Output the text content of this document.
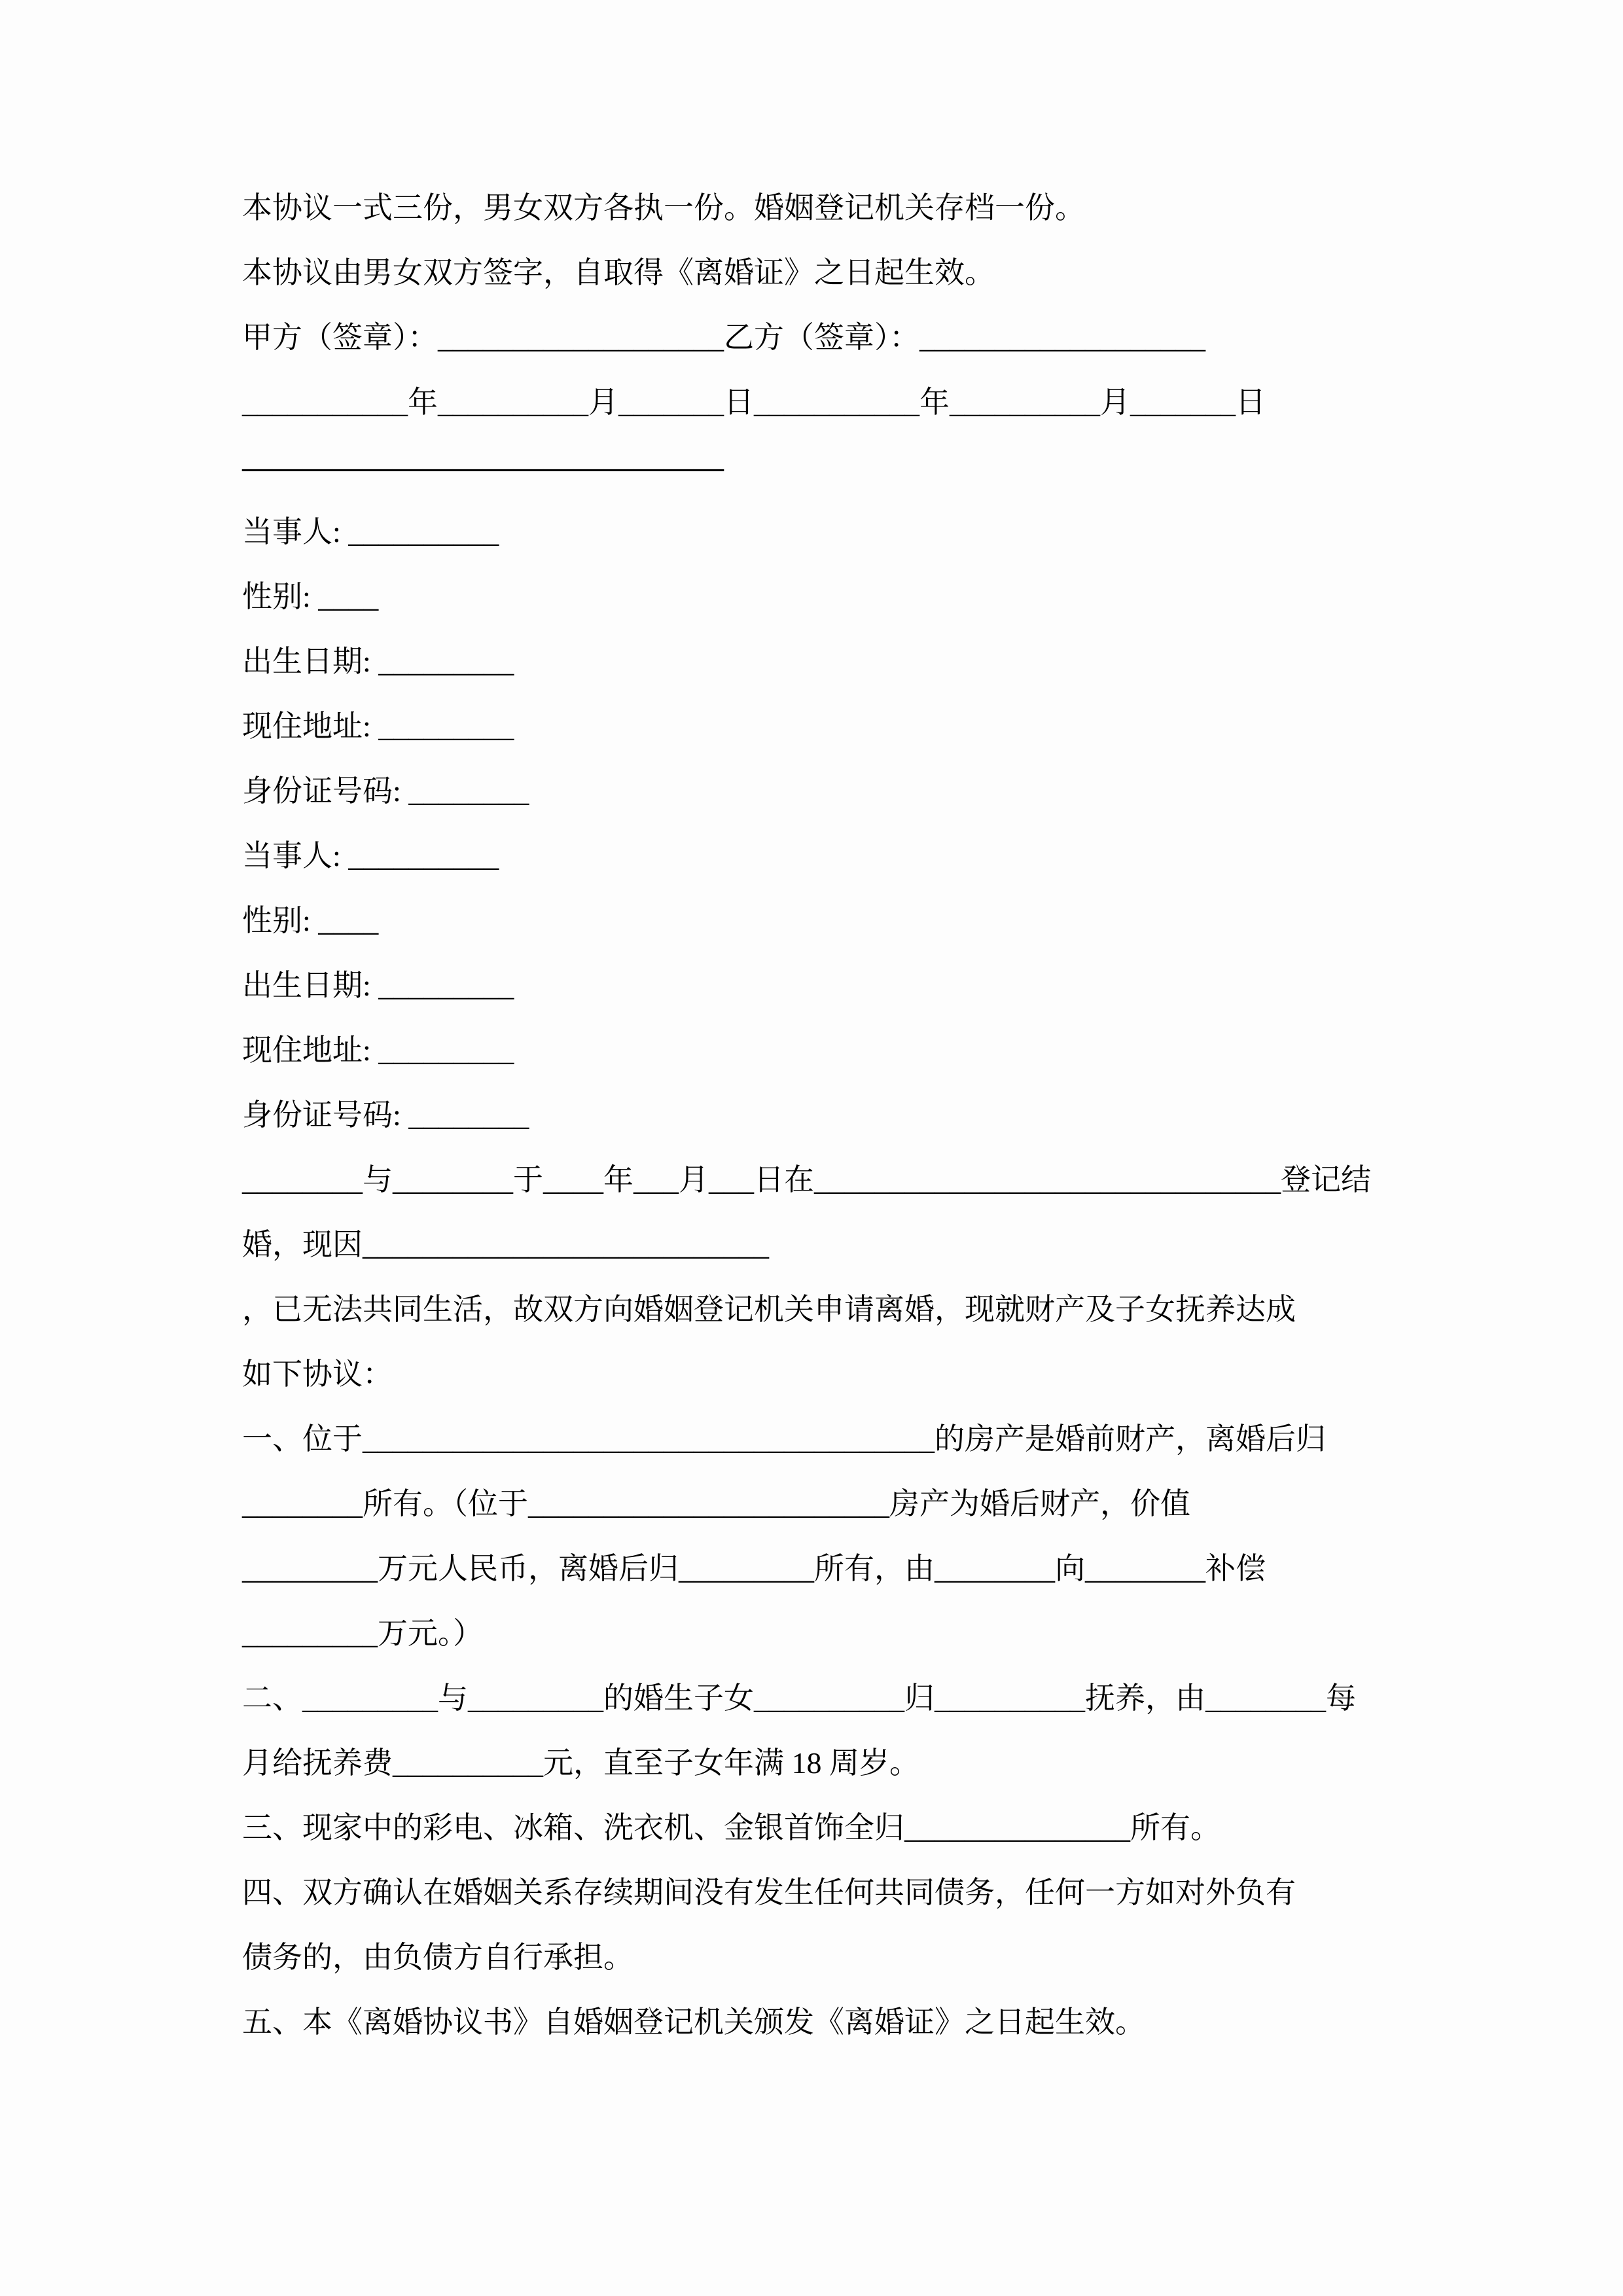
本协议一式三份，男女双方各执一份。婚姻登记机关存档一份。

本协议由男女双方签字，自取得《离婚证》之日起生效。

甲方（签章）：___________________乙方（签章）：___________________

___________年__________月_______日___________年__________月_______日

————————————————

当事人: __________

性别: ____

出生日期: _________

现住地址: _________

身份证号码: ________

当事人: __________

性别: ____

出生日期: _________

现住地址: _________

身份证号码: ________

________与________于____年___月___日在_______________________________登记结

婚，现因___________________________

，已无法共同生活，故双方向婚姻登记机关申请离婚，现就财产及子女抚养达成

如下协议：

一、位于______________________________________的房产是婚前财产，离婚后归

________所有。（位于________________________房产为婚后财产，价值

_________万元人民币，离婚后归_________所有，由________向________补偿

_________万元。）

二、_________与_________的婚生子女__________归__________抚养，由________每

月给抚养费__________元，直至子女年满 18 周岁。

三、现家中的彩电、冰箱、洗衣机、金银首饰全归_______________所有。

四、双方确认在婚姻关系存续期间没有发生任何共同债务，任何一方如对外负有

债务的，由负债方自行承担。

五、本《离婚协议书》自婚姻登记机关颁发《离婚证》之日起生效。
